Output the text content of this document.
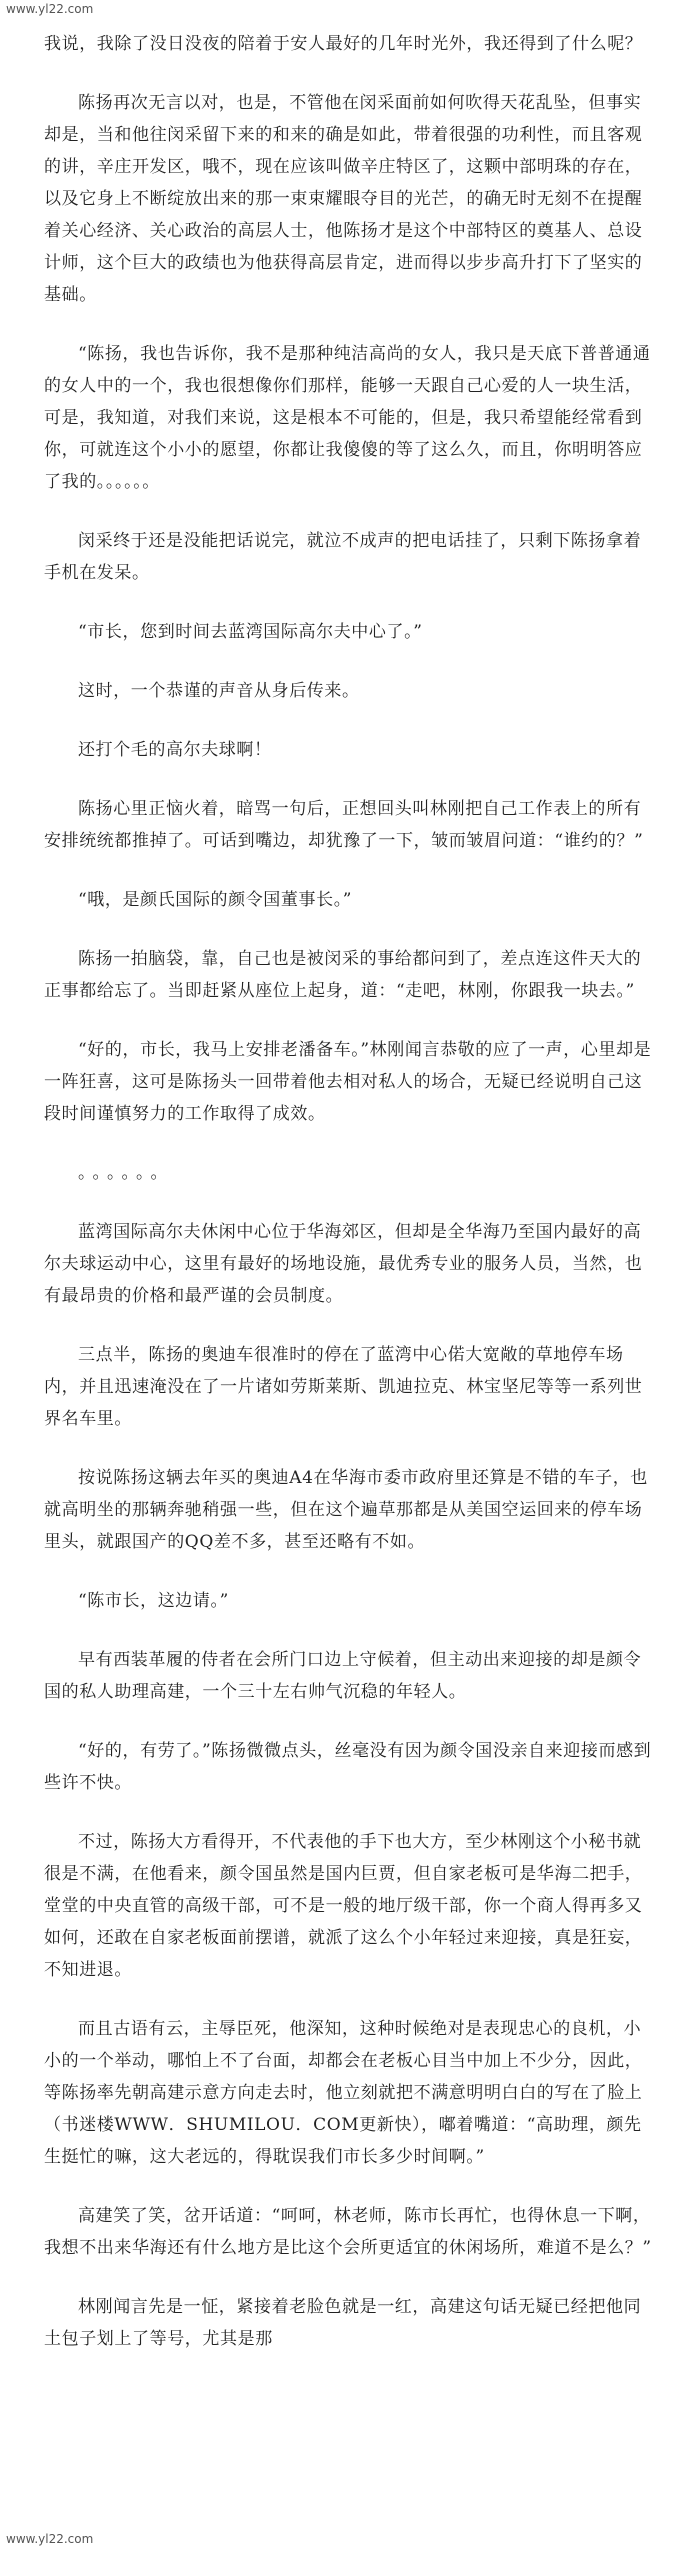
www.yl22.com

我说，我除了没日没夜的陪着于安人最好的几年时光外，我还得到了什么呢？

陈扬再次无言以对，也是，不管他在闵采面前如何吹得天花乱坠，但事实却是，当和他往闵采留下来的和来的确是如此，带着很强的功利性，而且客观的讲，辛庄开发区，哦不，现在应该叫做辛庄特区了，这颗中部明珠的存在，以及它身上不断绽放出来的那一束束耀眼夺目的光芒，的确无时无刻不在提醒着关心经济、关心政治的高层人士，他陈扬才是这个中部特区的奠基人、总设计师，这个巨大的政绩也为他获得高层肯定，进而得以步步高升打下了坚实的基础。

“陈扬，我也告诉你，我不是那种纯洁高尚的女人，我只是天底下普普通通的女人中的一个，我也很想像你们那样，能够一天跟自己心爱的人一块生活，可是，我知道，对我们来说，这是根本不可能的，但是，我只希望能经常看到你，可就连这个小小的愿望，你都让我傻傻的等了这么久，而且，你明明答应了我的。。。。。。

闵采终于还是没能把话说完，就泣不成声的把电话挂了，只剩下陈扬拿着手机在发呆。

“市长，您到时间去蓝湾国际高尔夫中心了。”

这时，一个恭谨的声音从身后传来。

还打个毛的高尔夫球啊！

陈扬心里正恼火着，暗骂一句后，正想回头叫林刚把自己工作表上的所有安排统统都推掉了。可话到嘴边，却犹豫了一下，皱而皱眉问道：“谁约的？”

“哦，是颜氏国际的颜令国董事长。”

陈扬一拍脑袋，靠，自己也是被闵采的事给都问到了，差点连这件天大的正事都给忘了。当即赶紧从座位上起身，道：“走吧，林刚，你跟我一块去。”

“好的，市长，我马上安排老潘备车。”林刚闻言恭敬的应了一声，心里却是一阵狂喜，这可是陈扬头一回带着他去相对私人的场合，无疑已经说明自己这段时间谨慎努力的工作取得了成效。

。。。。。。

蓝湾国际高尔夫休闲中心位于华海郊区，但却是全华海乃至国内最好的高尔夫球运动中心，这里有最好的场地设施，最优秀专业的服务人员，当然，也有最昂贵的价格和最严谨的会员制度。

三点半，陈扬的奥迪车很准时的停在了蓝湾中心偌大宽敞的草地停车场内，并且迅速淹没在了一片诸如劳斯莱斯、凯迪拉克、林宝坚尼等等一系列世界名车里。

按说陈扬这辆去年买的奥迪A4在华海市委市政府里还算是不错的车子，也就高明坐的那辆奔驰稍强一些，但在这个遍草那都是从美国空运回来的停车场里头，就跟国产的QQ差不多，甚至还略有不如。

“陈市长，这边请。”

早有西装革履的侍者在会所门口边上守候着，但主动出来迎接的却是颜令国的私人助理高建，一个三十左右帅气沉稳的年轻人。

“好的，有劳了。”陈扬微微点头，丝毫没有因为颜令国没亲自来迎接而感到些许不快。

不过，陈扬大方看得开，不代表他的手下也大方，至少林刚这个小秘书就很是不满，在他看来，颜令国虽然是国内巨贾，但自家老板可是华海二把手，堂堂的中央直管的高级干部，可不是一般的地厅级干部，你一个商人得再多又如何，还敢在自家老板面前摆谱，就派了这么个小年轻过来迎接，真是狂妄，不知进退。

而且古语有云，主辱臣死，他深知，这种时候绝对是表现忠心的良机，小小的一个举动，哪怕上不了台面，却都会在老板心目当中加上不少分，因此，等陈扬率先朝高建示意方向走去时，他立刻就把不满意明明白白的写在了脸上（书迷楼WWW．SHUMILOU．COM更新快），嘟着嘴道：“高助理，颜先生挺忙的嘛，这大老远的，得耽误我们市长多少时间啊。”

高建笑了笑，岔开话道：“呵呵，林老师，陈市长再忙，也得休息一下啊，我想不出来华海还有什么地方是比这个会所更适宜的休闲场所，难道不是么？”

林刚闻言先是一怔，紧接着老脸色就是一红，高建这句话无疑已经把他同土包子划上了等号，尤其是那

www.yl22.com
